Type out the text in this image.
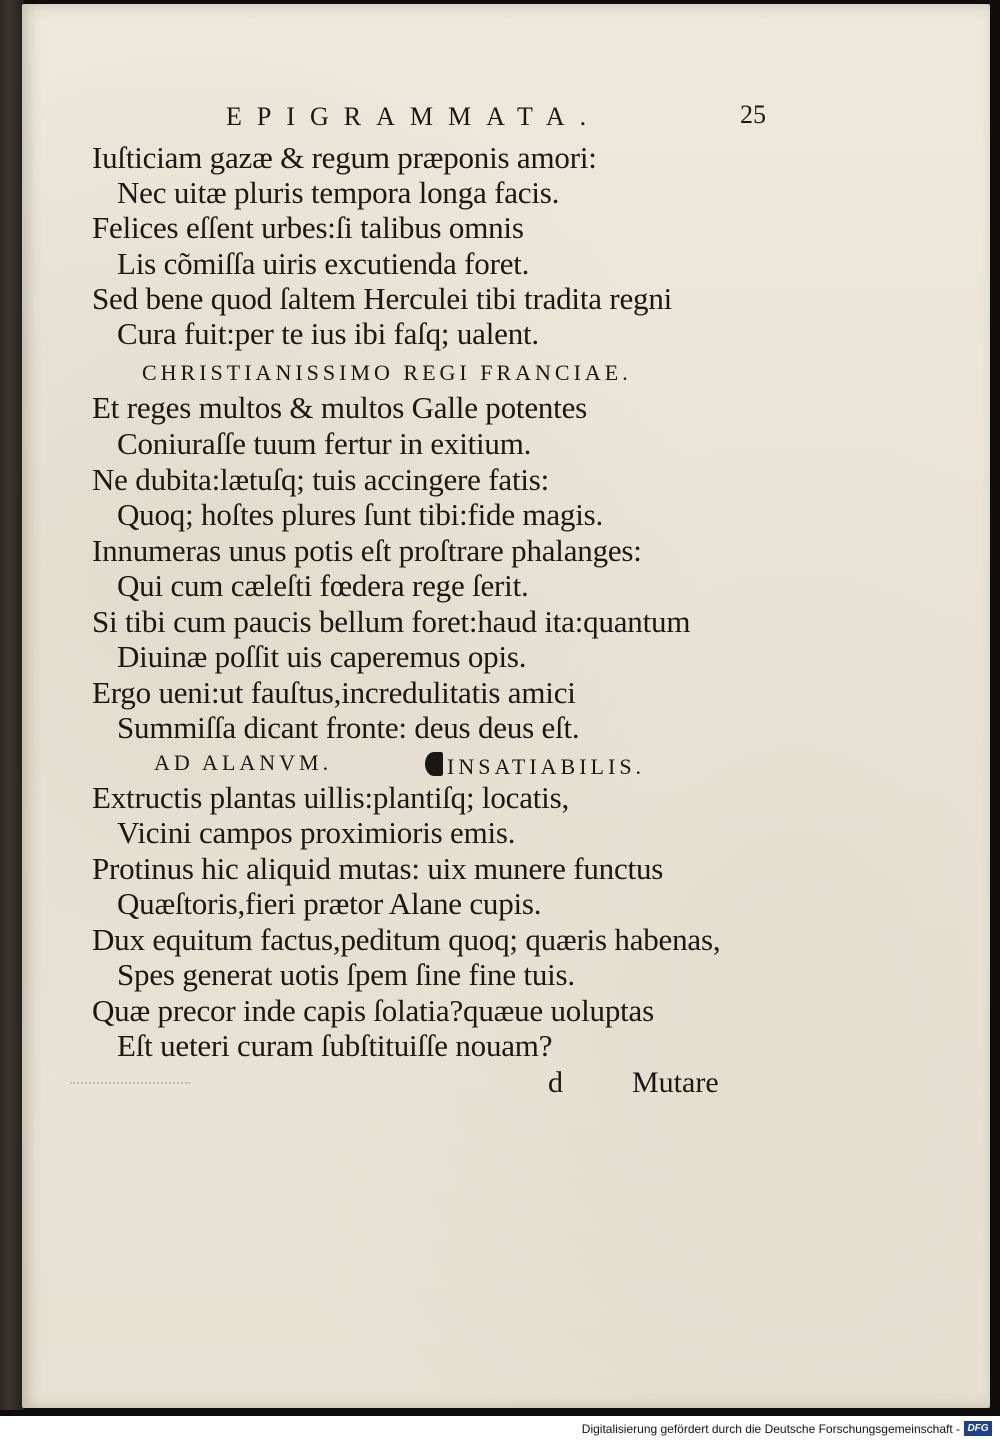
EPIGRAMMATA.	25
Iuſticiam gazæ & regum præponis amori:
Nec uitæ pluris tempora longa facis.
Felices eſſent urbes:ſi talibus omnis
Lis cõmiſſa uiris excutienda foret.
Sed bene quod ſaltem Herculei tibi tradita regni
Cura fuit:per te ius ibi faſq; ualent.
CHRISTIANISSIMO REGI FRANCIAE.
Et reges multos & multos Galle potentes
Coniuraſſe tuum fertur in exitium.
Ne dubita:lætuſq; tuis accingere fatis:
Quoq; hoſtes plures ſunt tibi:fide magis.
Innumeras unus potis eſt proſtrare phalanges:
Qui cum cæleſti fœdera rege ſerit.
Si tibi cum paucis bellum foret:haud ita:quantum
Diuinæ poſſit uis caperemus opis.
Ergo ueni:ut fauſtus,incredulitatis amici
Summiſſa dicant fronte: deus deus eſt.
AD ALANVM.	INSATIABILIS.
Extructis plantas uillis:plantiſq; locatis,
Vicini campos proximioris emis.
Protinus hic aliquid mutas: uix munere functus
Quæſtoris,fieri prætor Alane cupis.
Dux equitum factus,peditum quoq; quæris habenas,
Spes generat uotis ſpem ſine fine tuis.
Quæ precor inde capis ſolatia?quæue uoluptas
Eſt ueteri curam ſubſtituiſſe nouam?
d Mutare
Digitalisierung gefördert durch die Deutsche Forschungsgemeinschaft - DFG
